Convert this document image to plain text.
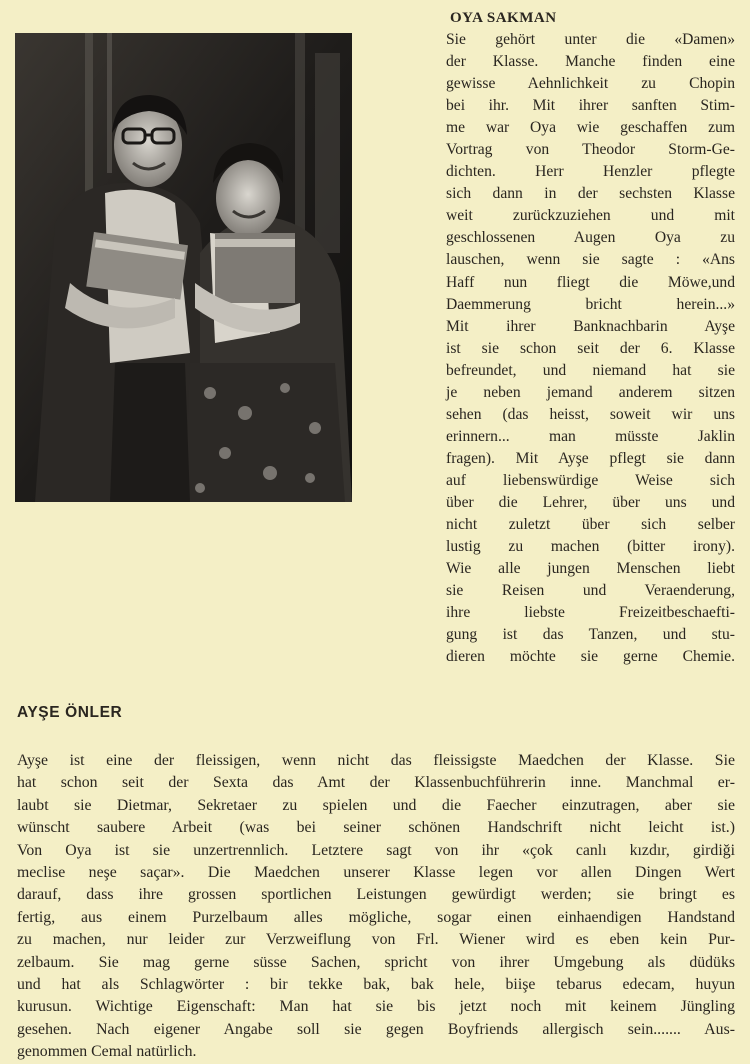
OYA SAKMAN

Sie gehört unter die «Damen»
der Klasse. Manche finden eine
gewisse Aehnlichkeit zu Chopin
bei ihr. Mit ihrer sanften Stim-
me war Oya wie geschaffen zum
Vortrag von Theodor Storm-Ge-
dichten. Herr Henzler pflegte
sich dann in der sechsten Klasse
weit zurückzuziehen und mit
geschlossenen Augen Oya zu
lauschen, wenn sie sagte : «Ans
Haff nun fliegt die Möwe,und
Daemmerung bricht herein...»
Mit ihrer Banknachbarin Ayşe
ist sie schon seit der 6. Klasse
befreundet, und niemand hat sie
je neben jemand anderem sitzen
sehen (das heisst, soweit wir uns
erinnern... man müsste Jaklin
fragen). Mit Ayşe pflegt sie dann
auf liebenswürdige Weise sich
über die Lehrer, über uns und
nicht zuletzt über sich selber
lustig zu machen (bitter irony).
Wie alle jungen Menschen liebt
sie Reisen und Veraenderung,
ihre liebste Freizeitbeschaefti-
gung ist das Tanzen, und stu-
dieren möchte sie gerne Chemie.

AYŞE ÖNLER

Ayşe ist eine der fleissigen, wenn nicht das fleissigste Maedchen der Klasse. Sie
hat schon seit der Sexta das Amt der Klassenbuchführerin inne. Manchmal er-
laubt sie Dietmar, Sekretaer zu spielen und die Faecher einzutragen, aber sie
wünscht saubere Arbeit (was bei seiner schönen Handschrift nicht leicht ist.)
Von Oya ist sie unzertrennlich. Letztere sagt von ihr «çok canlı kızdır, girdiği
meclise neşe saçar». Die Maedchen unserer Klasse legen vor allen Dingen Wert
darauf, dass ihre grossen sportlichen Leistungen gewürdigt werden; sie bringt es
fertig, aus einem Purzelbaum alles mögliche, sogar einen einhaendigen Handstand
zu machen, nur leider zur Verzweiflung von Frl. Wiener wird es eben kein Pur-
zelbaum. Sie mag gerne süsse Sachen, spricht von ihrer Umgebung als düdüks
und hat als Schlagwörter : bir tekke bak, bak hele, biişe tebarus edecam, huyun
kurusun. Wichtige Eigenschaft: Man hat sie bis jetzt noch mit keinem Jüngling
gesehen. Nach eigener Angabe soll sie gegen Boyfriends allergisch sein....... Aus-
genommen Cemal natürlich.
